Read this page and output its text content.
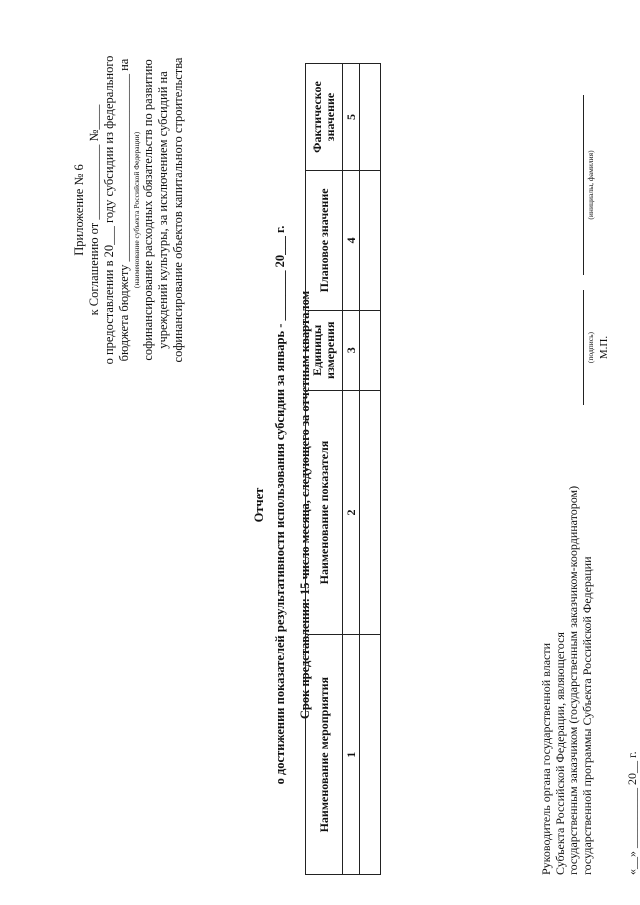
Приложение № 6 к Соглашению от ____________ №____ о предоставлении в 20___ году субсидии из федерального бюджета бюджету ______________________________ на (наименование субъекта Российской Федерации) софинансирование расходных обязательств по развитию учреждений культуры, за исключением субсидий на софинансирование объектов капитального строительства
Отчет о достижении показателей результативности использования субсидии за январь - ________ 20___ г. Срок представления: 15 число месяца, следующего за отчетным кварталом
Наименование мероприятия	Наименование показателя	Единицы измерения	Плановое значение	Фактическое значение
1	2	3	4	5

Руководитель органа государственной власти Субъекта Российской Федерации, являющегося государственным заказчиком (государственным заказчиком-координатором) государственной программы Субъекта Российской Федерации
(подпись) М.П.
(инициалы, фамилия)
«__» __________ 20__ г.
